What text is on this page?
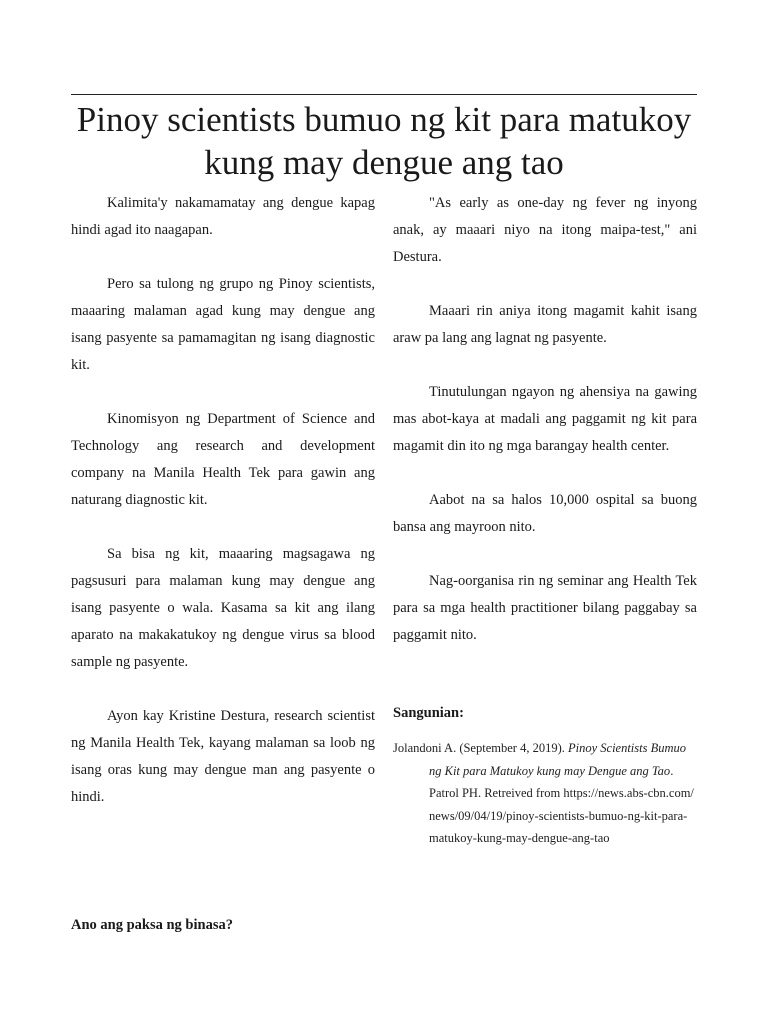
Pinoy scientists bumuo ng kit para matukoy kung may dengue ang tao

Kalimita'y nakamamatay ang dengue kapag hindi agad ito naagapan.

Pero sa tulong ng grupo ng Pinoy scientists, maaaring malaman agad kung may dengue ang isang pasyente sa pamamagitan ng isang diagnostic kit.

Kinomisyon ng Department of Science and Technology ang research and development company na Manila Health Tek para gawin ang naturang diagnostic kit.

Sa bisa ng kit, maaaring magsagawa ng pagsusuri para malaman kung may dengue ang isang pasyente o wala. Kasama sa kit ang ilang aparato na makakatukoy ng dengue virus sa blood sample ng pasyente.

Ayon kay Kristine Destura, research scientist ng Manila Health Tek, kayang malaman sa loob ng isang oras kung may dengue man ang pasyente o hindi.

"As early as one-day ng fever ng inyong anak, ay maaari niyo na itong maipa-test," ani Destura.

Maaari rin aniya itong magamit kahit isang araw pa lang ang lagnat ng pasyente.

Tinutulungan ngayon ng ahensiya na gawing mas abot-kaya at madali ang paggamit ng kit para magamit din ito ng mga barangay health center.

Aabot na sa halos 10,000 ospital sa buong bansa ang mayroon nito.

Nag-oorganisa rin ng seminar ang Health Tek para sa mga health practitioner bilang paggabay sa paggamit nito.

Sangunian:

Jolandoni A. (September 4, 2019). Pinoy Scientists Bumuo ng Kit para Matukoy kung may Dengue ang Tao. Patrol PH. Retreived from https://news.abs-cbn.com/ news/09/04/19/pinoy-scientists-bumuo-ng-kit-para-matukoy-kung-may-dengue-ang-tao

Ano ang paksa ng binasa?
